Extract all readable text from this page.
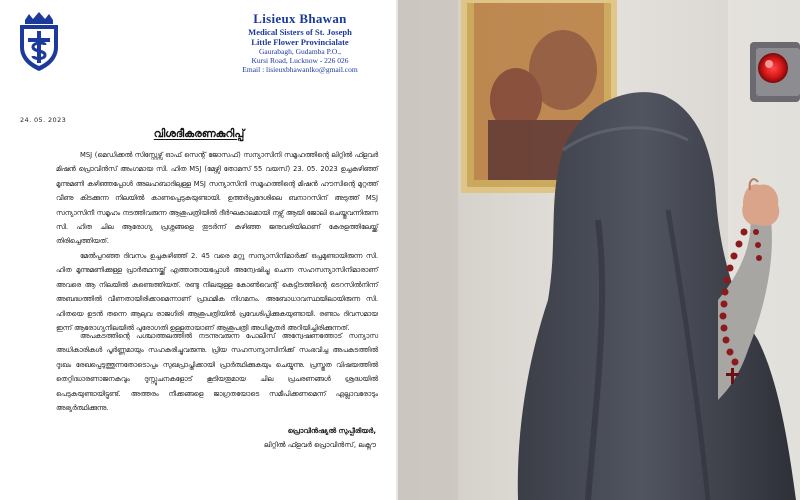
Lisieux Bhawan
Medical Sisters of St. Joseph
Little Flower Provincialate
Gaurabagh, Gudamba P.O.,
Kursi Road, Lucknow - 226 026
Email : lisieuxbhawanlko@gmail.com
24. 05. 2023
വിശദീകരണകുറിപ്പ്

MSJ (മെഡിക്കൽ സിസ്റ്റേഴ്സ് ഓഫ് സെന്റ് ജോസഫ്) സന്യാസിനി സമൂഹത്തിന്റെ ലിറ്റിൽ ഫ്ളവർ മിഷൻ പ്രൊവിൻസ് അംഗമായ സി. ഹിത MSJ (മേഴ്സി തോമസ് 55 വയസ്) 23. 05. 2023 ഉച്ചകഴിഞ്ഞ് മൂന്നുമണി കഴിഞ്ഞപ്പോൾ അലഹബാദിലുള്ള MSJ സന്യാസിനി സമൂഹത്തിന്റെ മിഷൻ ഹൗസിന്റെ മുറ്റത്ത് വീണു കിടക്കുന്ന നിലയിൽ കാണപ്പെടുകയുണ്ടായി. ഉത്തർപ്രദേശിലെ ബനാറസിന് അടുത്ത് MSJ സന്യാസിനീ സമൂഹം നടത്തിവരുന്ന ആശുപത്രിയിൽ ദീർഘകാലമായി നഴ്സ് ആയി ജോലി ചെയ്തുവന്നിരുന്ന സി. ഹിത ചില ആരോഗ്യ പ്രശ്നങ്ങളെ തുടർന്ന് കഴിഞ്ഞ ജനുവരിയിലാണ് കേരളത്തിലേയ്ക്ക് തിരിച്ചെത്തിയത്.

മേൽപ്പറഞ്ഞ ദിവസം ഉച്ചകഴിഞ്ഞ് 2. 45 വരെ മറ്റു സന്യാസിനിമാർക്ക് ഒപ്പമുണ്ടായിരുന്ന സി. ഹിത മൂന്നുമണിക്കുള്ള പ്രാർത്ഥനയ്ക്ക് എത്താതായപ്പോൾ അന്വേഷിച്ചു ചെന്ന സഹസന്യാസിനിമാരാണ് അവരെ ആ നിലയിൽ കണ്ടെത്തിയത്. രണ്ടു നിലയുള്ള കോൺവെന്റ് കെട്ടിടത്തിന്റെ ടെറസിൽനിന്ന് അബദ്ധത്തിൽ വീണതായിരിക്കാമെന്നാണ് പ്രാഥമിക നിഗമനം. അബോധാവസ്ഥയിലായിരുന്ന സി. ഹിതയെ ഉടൻ തന്നെ ആലുവ രാജഗിരി ആശുപത്രിയിൽ പ്രവേശിപ്പിക്കുകയുണ്ടായി. രണ്ടാം ദിവസമായ ഇന്ന് ആരോഗ്യനിലയിൽ പുരോഗതി ഉള്ളതായാണ് ആശുപത്രി അധികൃതർ അറിയിച്ചിരിക്കുന്നത്.

അപകടത്തിന്റെ പശ്ചാത്തലത്തിൽ നടന്നുവരുന്ന പോലീസ് അന്വേഷണത്തോട് സന്യാസ അധികാരികൾ പൂർണ്ണമായും സഹകരിച്ചുവരുന്നു. പ്രിയ സഹസന്യാസിനിക്ക് സംഭവിച്ച അപകടത്തിൽ ദുഃഖം രേഖപ്പെടുത്തുന്നതോടൊപ്പം സുഖപ്രാപ്തിക്കായി പ്രാർത്ഥിക്കുകയും ചെയ്യുന്നു. പ്രസ്തുത വിഷയത്തിൽ തെറ്റിദ്ധാരണാജനകവും ദുസ്സൂചനകളോട് കൂടിയതുമായ ചില പ്രചരണങ്ങൾ ശ്രദ്ധയിൽ പെടുകയുണ്ടായിട്ടുണ്ട്. അത്തരം നീക്കങ്ങളെ ജാഗ്രതയോടെ സമീപിക്കണമെന്ന് എല്ലാവരോടും അഭ്യർത്ഥിക്കുന്നു.

പ്രൊവിൻഷ്യൽ സുപ്പീരിയർ,
ലിറ്റിൽ ഫ്ളവർ പ്രൊവിൻസ്, ലക്നൗ
